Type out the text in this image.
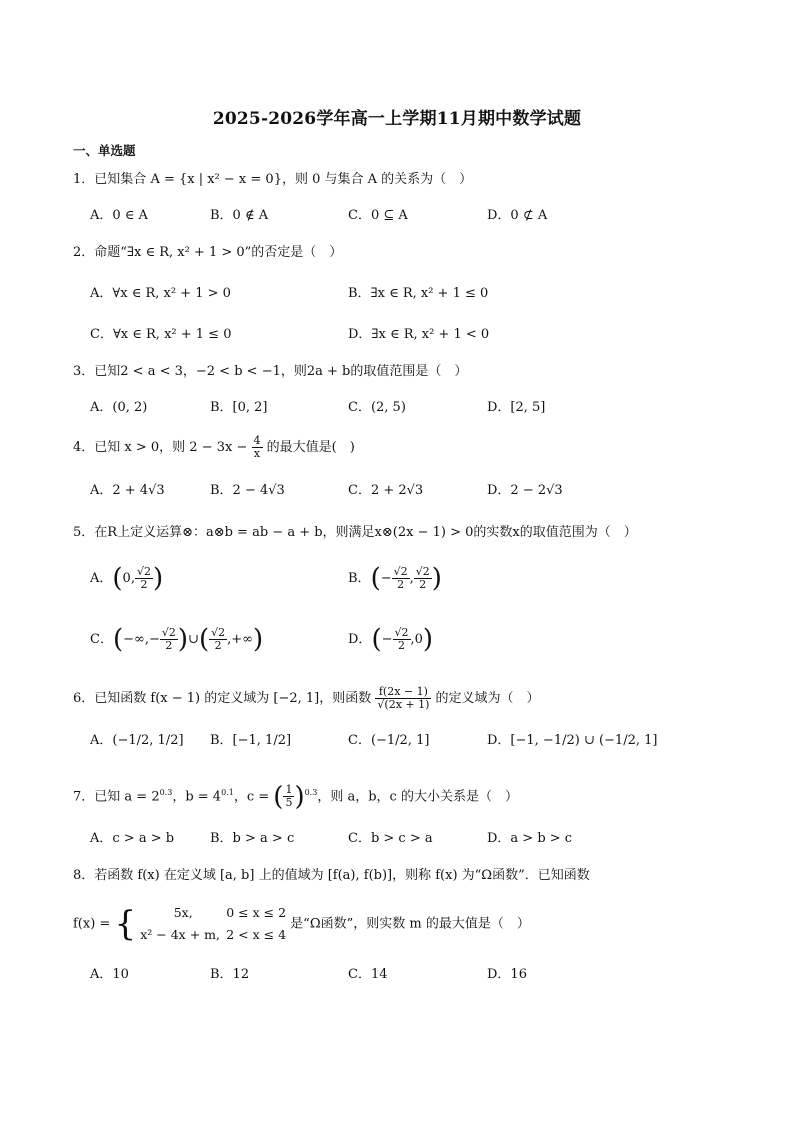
2025-2026学年高一上学期11月期中数学试题
一、单选题
1．已知集合 A = {x | x² − x = 0}，则 0 与集合 A 的关系为（　）
A．0 ∈ A	B．0 ∉ A	C．0 ⊆ A	D．0 ⊄ A
2．命题“∃x ∈ R, x² + 1 > 0”的否定是（　）
A．∀x ∈ R, x² + 1 > 0	B．∃x ∈ R, x² + 1 ≤ 0
C．∀x ∈ R, x² + 1 ≤ 0	D．∃x ∈ R, x² + 1 < 0
3．已知2 < a < 3，−2 < b < −1，则2a + b的取值范围是（　）
A．(0, 2)	B．[0, 2]	C．(2, 5)	D．[2, 5]
4．已知 x > 0，则 $2 - 3x - \frac{4}{x}$ 的最大值是(　)
A．2 + 4√3	B．2 − 4√3	C．2 + 2√3	D．2 − 2√3
5．在R上定义运算⊗：a⊗b = ab − a + b，则满足x⊗(2x − 1) > 0的实数x的取值范围为（　）
A．(0, $\frac{√2}{2}$ )	B．(− $\frac{√2}{2}$ , $\frac{√2}{2}$ )
C．(−∞,− $\frac{√2}{2}$ )∪( $\frac{√2}{2}$ ,+∞)	D．(− $\frac{√2}{2} ,0$)
6．已知函数 f(x − 1) 的定义域为 [−2, 1]，则函数 $\frac{f(2x - 1)}{√(2x + 1)}$ 的定义域为（　）
A．(−1/2, 1/2] B．[−1, 1/2]	C．(−1/2, 1]	D．[−1, −1/2) ∪ (−1/2, 1]
7．已知 $a = 2^{0.3}$，$b = 4^{0.1}$，c = ( $\frac{1}{5} )^{0.3}$，则 a，b，c 的大小关系是（　）
A．c > a > b	B．b > a > c	C．b > c > a	D．a > b > c
8．若函数 f(x) 在定义域 [a, b] 上的值域为 [f(a), f(b)]，则称 f(x) 为“Ω函数”．已知函数
f(x) = {	5x,	0 ≤ x ≤ 2
x² − 4x + m, 2 < x ≤ 4
是“Ω函数”，则实数 m 的最大值是（　）
A．10	B．12	C．14	D．16
